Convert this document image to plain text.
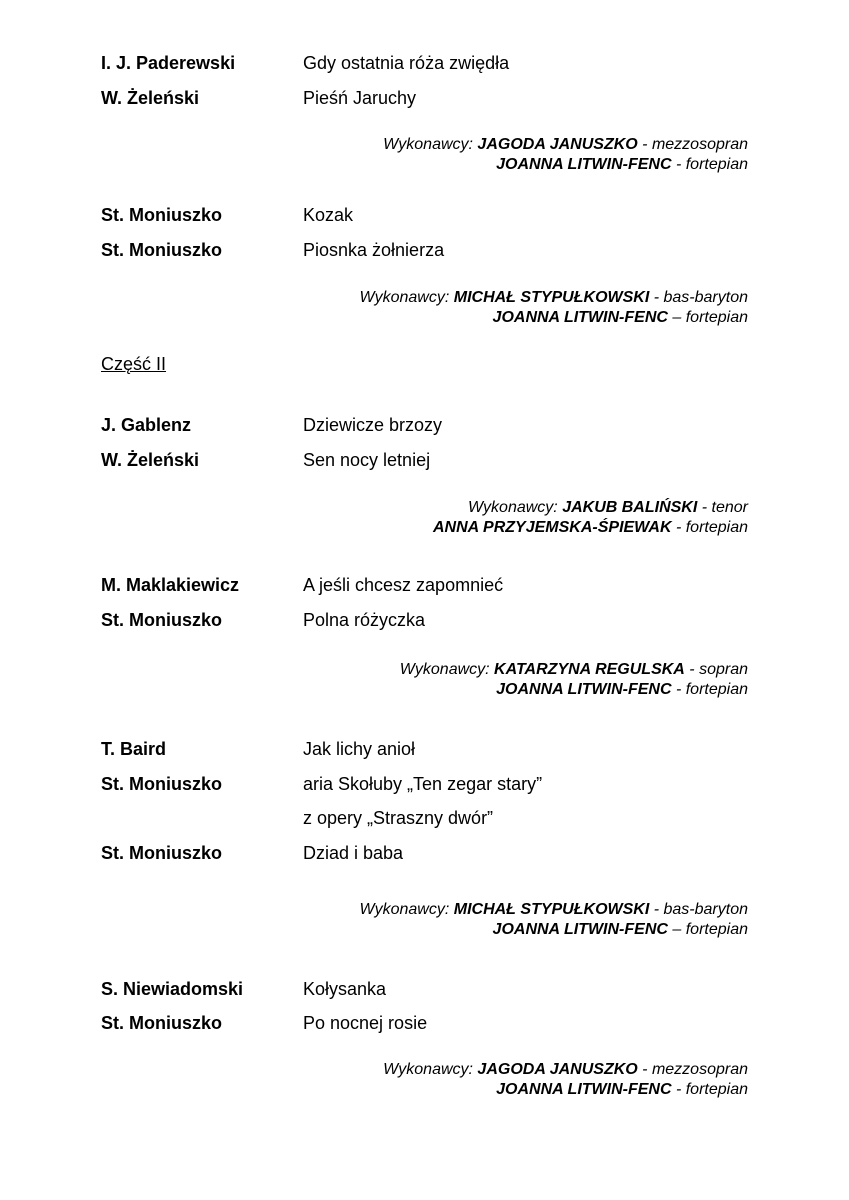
I. J. Paderewski	Gdy ostatnia róża zwiędła
W. Żeleński	Pieśń Jaruchy
Wykonawcy: JAGODA JANUSZKO - mezzosopran
JOANNA LITWIN-FENC - fortepian
St. Moniuszko	Kozak
St. Moniuszko	Piosnka żołnierza
Wykonawcy: MICHAŁ STYPUŁKOWSKI - bas-baryton
JOANNA LITWIN-FENC – fortepian
Część II
J. Gablenz	Dziewicze brzozy
W. Żeleński	Sen nocy letniej
Wykonawcy: JAKUB BALIŃSKI - tenor
ANNA PRZYJEMSKA-ŚPIEWAK - fortepian
M. Maklakiewicz	A jeśli chcesz zapomnieć
St. Moniuszko	Polna różyczka
Wykonawcy: KATARZYNA REGULSKA - sopran
JOANNA LITWIN-FENC - fortepian
T. Baird	Jak lichy anioł
St. Moniuszko	aria Skołuby „Ten zegar stary”
z opery „Straszny dwór”
St. Moniuszko	Dziad i baba
Wykonawcy: MICHAŁ STYPUŁKOWSKI - bas-baryton
JOANNA LITWIN-FENC – fortepian
S. Niewiadomski	Kołysanka
St. Moniuszko	Po nocnej rosie
Wykonawcy: JAGODA JANUSZKO - mezzosopran
JOANNA LITWIN-FENC - fortepian
